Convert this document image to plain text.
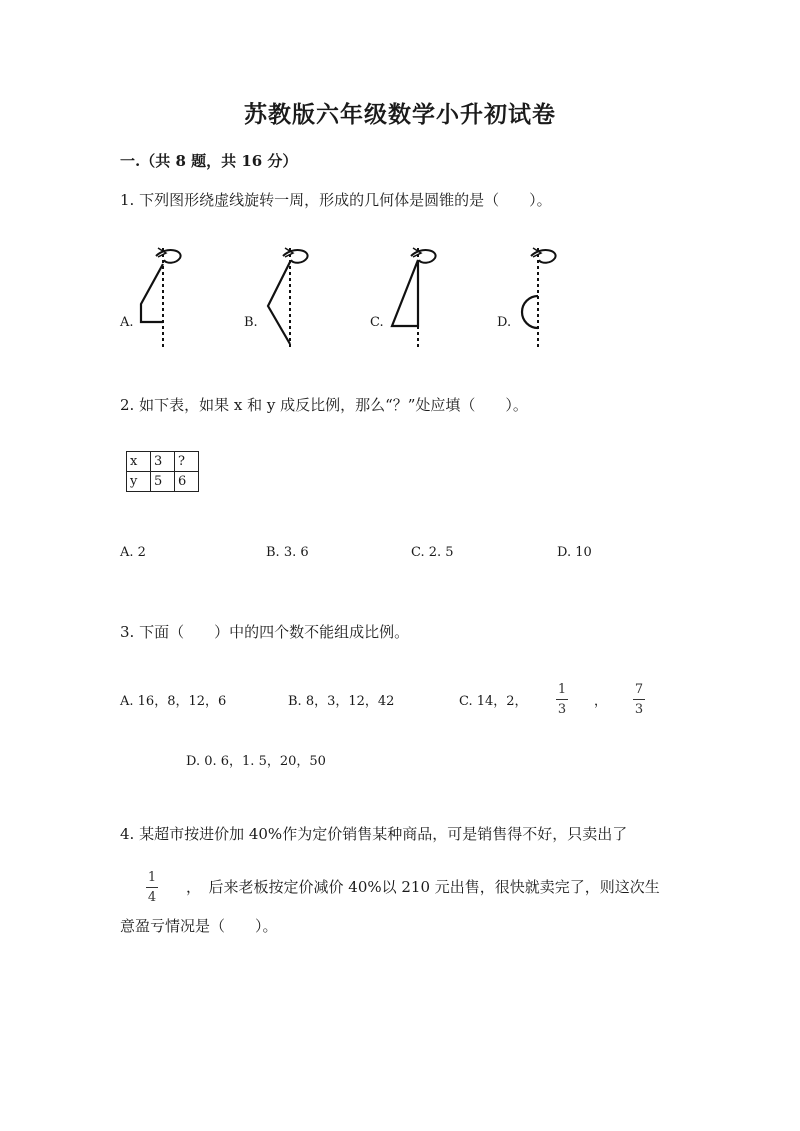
苏教版六年级数学小升初试卷
一.（共 8 题，共 16 分）
1. 下列图形绕虚线旋转一周，形成的几何体是圆锥的是（　　）。
A.	B.	C.	D.
2. 如下表，如果 x 和 y 成反比例，那么“？”处应填（　　）。
x	3	?
y	5	6
A. 2	B. 3. 6	C. 2. 5	D. 10
3. 下面（　　）中的四个数不能组成比例。
A. 16，8，12，6	B. 8，3，12，42	C. 14，2，
1
3
，
7
3
D. 0. 6，1. 5，20，50
4. 某超市按进价加 40%作为定价销售某种商品，可是销售得不好，只卖出了
1
4
，　后来老板按定价减价 40%以 210 元出售，很快就卖完了，则这次生
意盈亏情况是（　　）。
